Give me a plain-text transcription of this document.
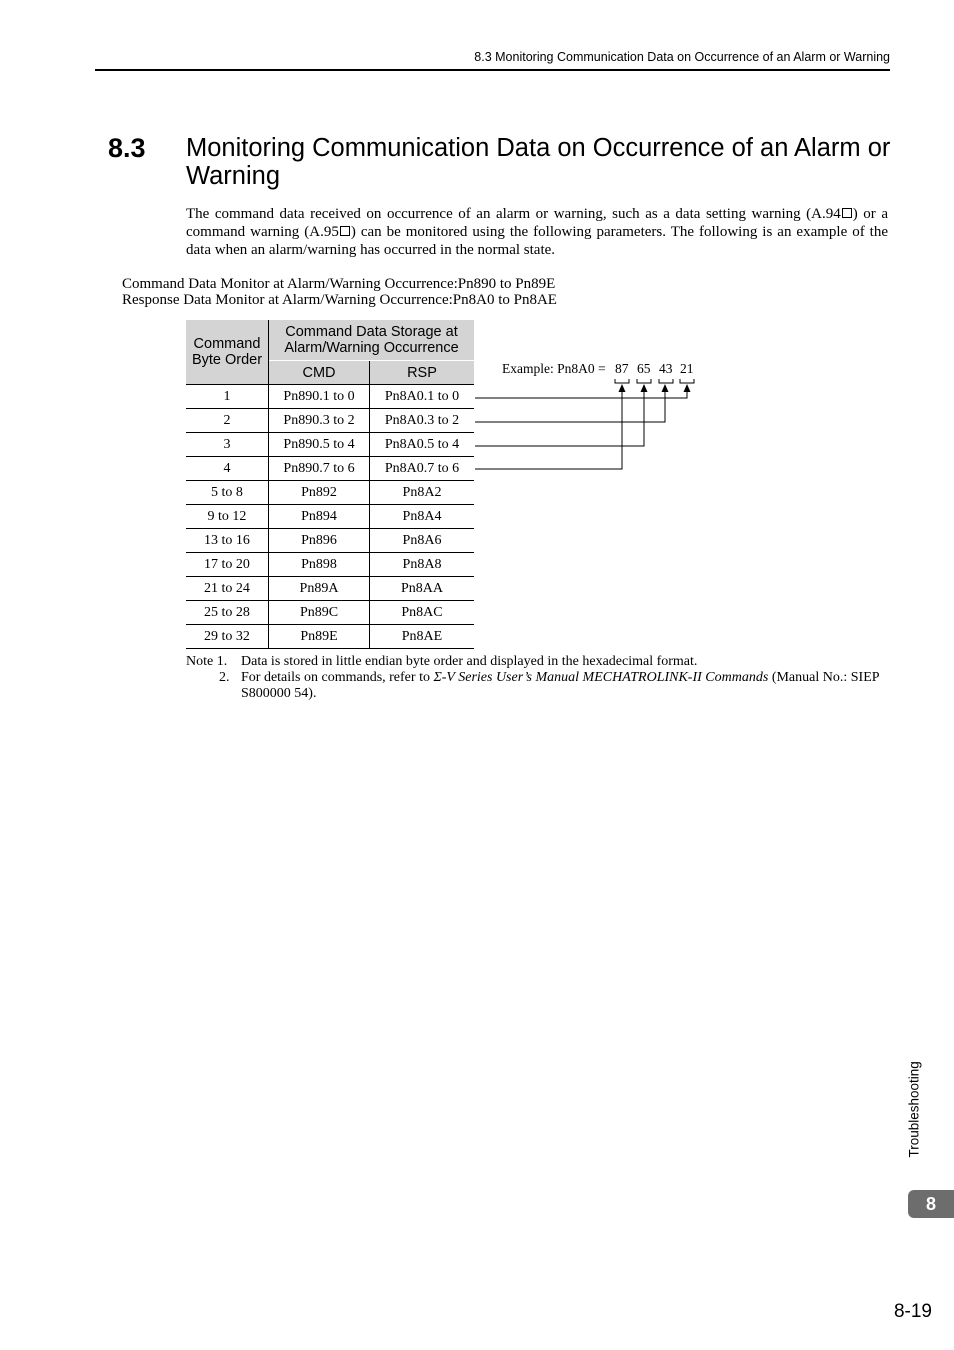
8.3 Monitoring Communication Data on Occurrence of an Alarm or Warning
8.3 Monitoring Communication Data on Occurrence of an Alarm or Warning
The command data received on occurrence of an alarm or warning, such as a data setting warning (A.94 ) or a command warning (A.95 ) can be monitored using the following parameters. The following is an example of the data when an alarm/warning has occurred in the normal state.
Command Data Monitor at Alarm/Warning Occurrence:Pn890 to Pn89E
Response Data Monitor at Alarm/Warning Occurrence:Pn8A0 to Pn8AE
Command Byte Order	Command Data Storage at Alarm/Warning Occurrence	
	CMD	RSP
1	Pn890.1 to 0	Pn8A0.1 to 0
2	Pn890.3 to 2	Pn8A0.3 to 2
3	Pn890.5 to 4	Pn8A0.5 to 4
4	Pn890.7 to 6	Pn8A0.7 to 6
5 to 8	Pn892	Pn8A2
9 to 12	Pn894	Pn8A4
13 to 16	Pn896	Pn8A6
17 to 20	Pn898	Pn8A8
21 to 24	Pn89A	Pn8AA
25 to 28	Pn89C	Pn8AC
29 to 32	Pn89E	Pn8AE
Example: Pn8A0 = 87 65 43 21
Note 1. Data is stored in little endian byte order and displayed in the hexadecimal format.
2. For details on commands, refer to Σ-V Series User’s Manual MECHATROLINK-II Commands (Manual No.: SIEP S800000 54).
Troubleshooting
8
8-19
